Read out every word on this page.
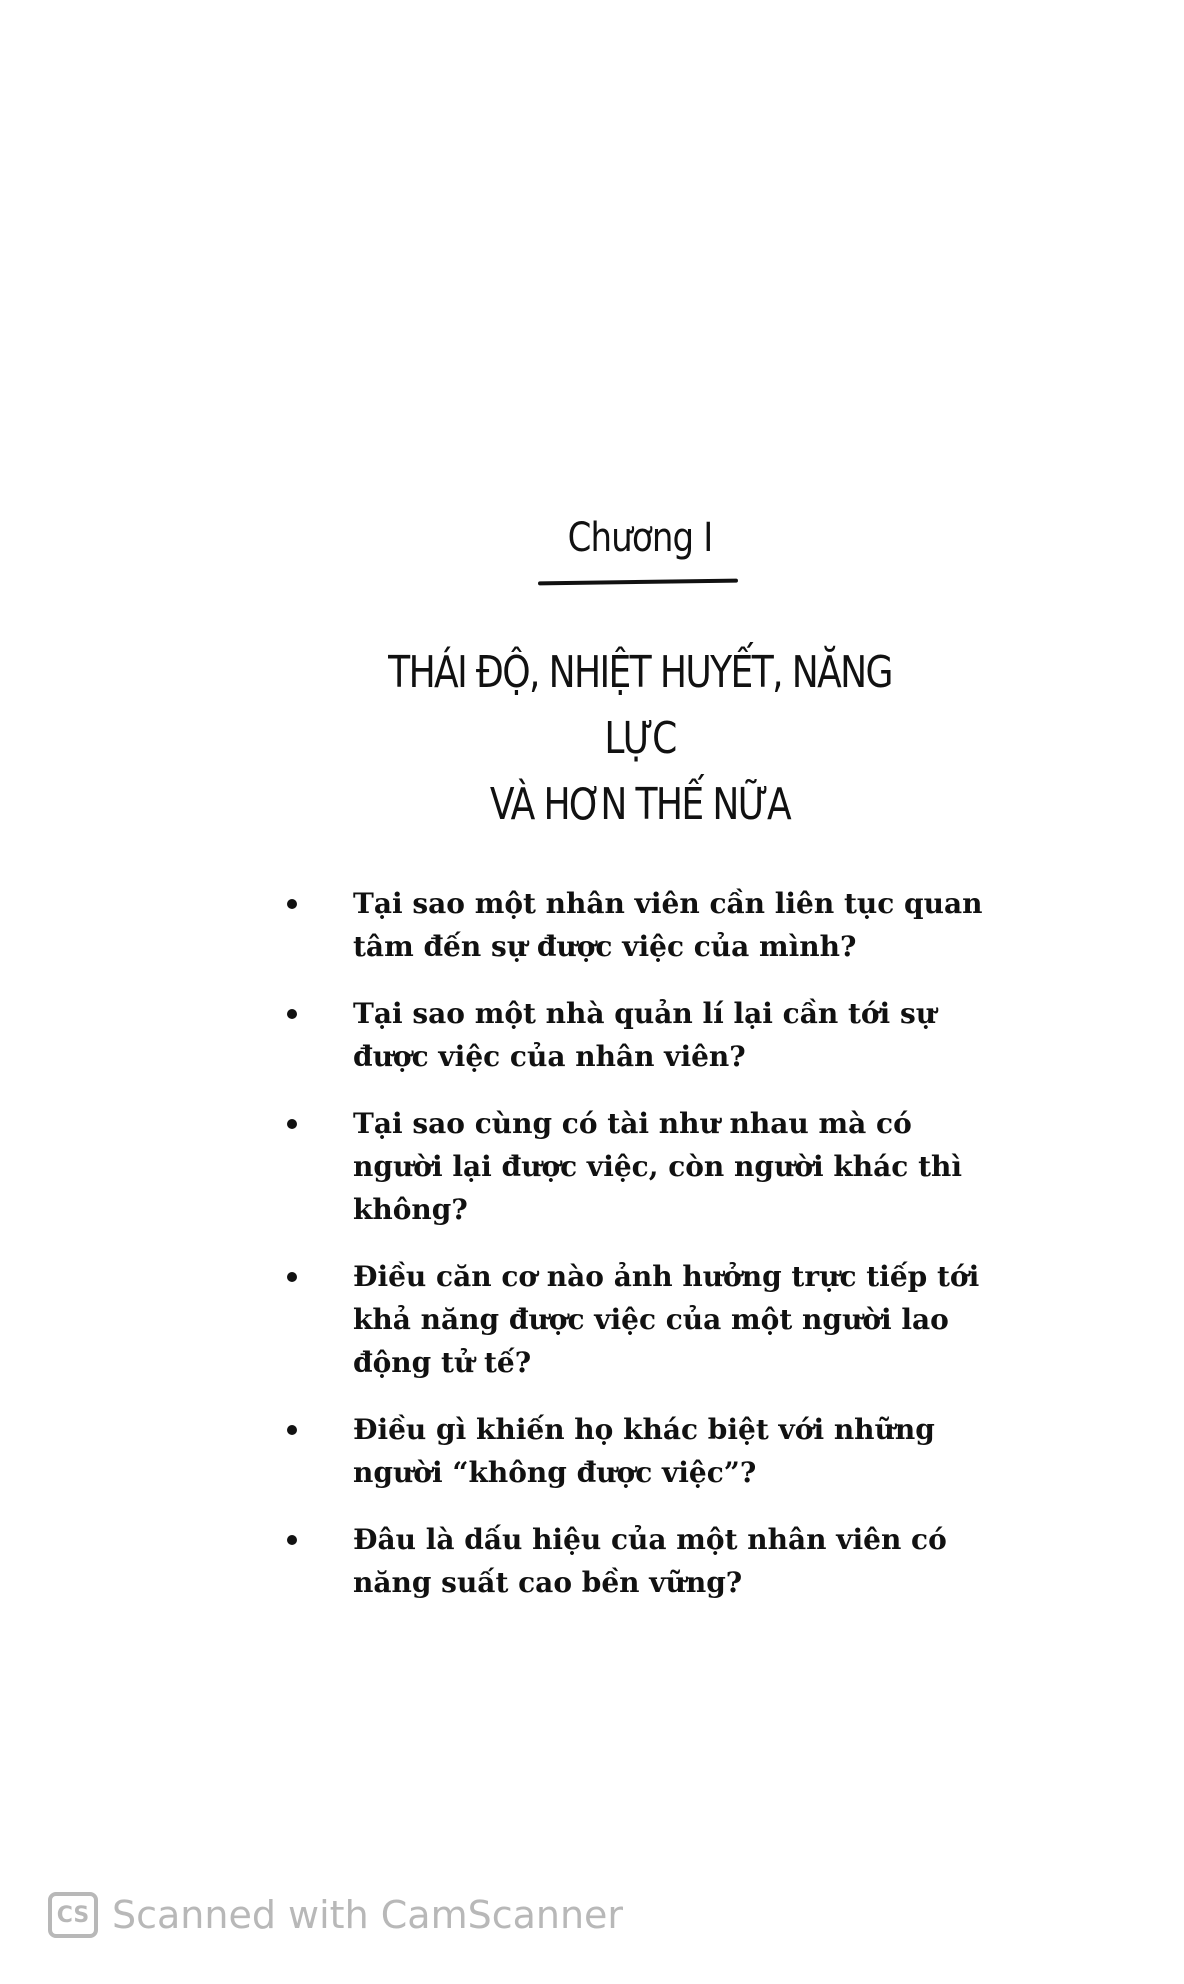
Chương I
THÁI ĐỘ, NHIỆT HUYẾT, NĂNG LỰC
VÀ HƠN THẾ NỮA
Tại sao một nhân viên cần liên tục quan tâm đến sự được việc của mình?
Tại sao một nhà quản lí lại cần tới sự được việc của nhân viên?
Tại sao cùng có tài như nhau mà có người lại được việc, còn người khác thì không?
Điều căn cơ nào ảnh hưởng trực tiếp tới khả năng được việc của một người lao động tử tế?
Điều gì khiến họ khác biệt với những người “không được việc”?
Đâu là dấu hiệu của một nhân viên có năng suất cao bền vững?
CS Scanned with CamScanner
